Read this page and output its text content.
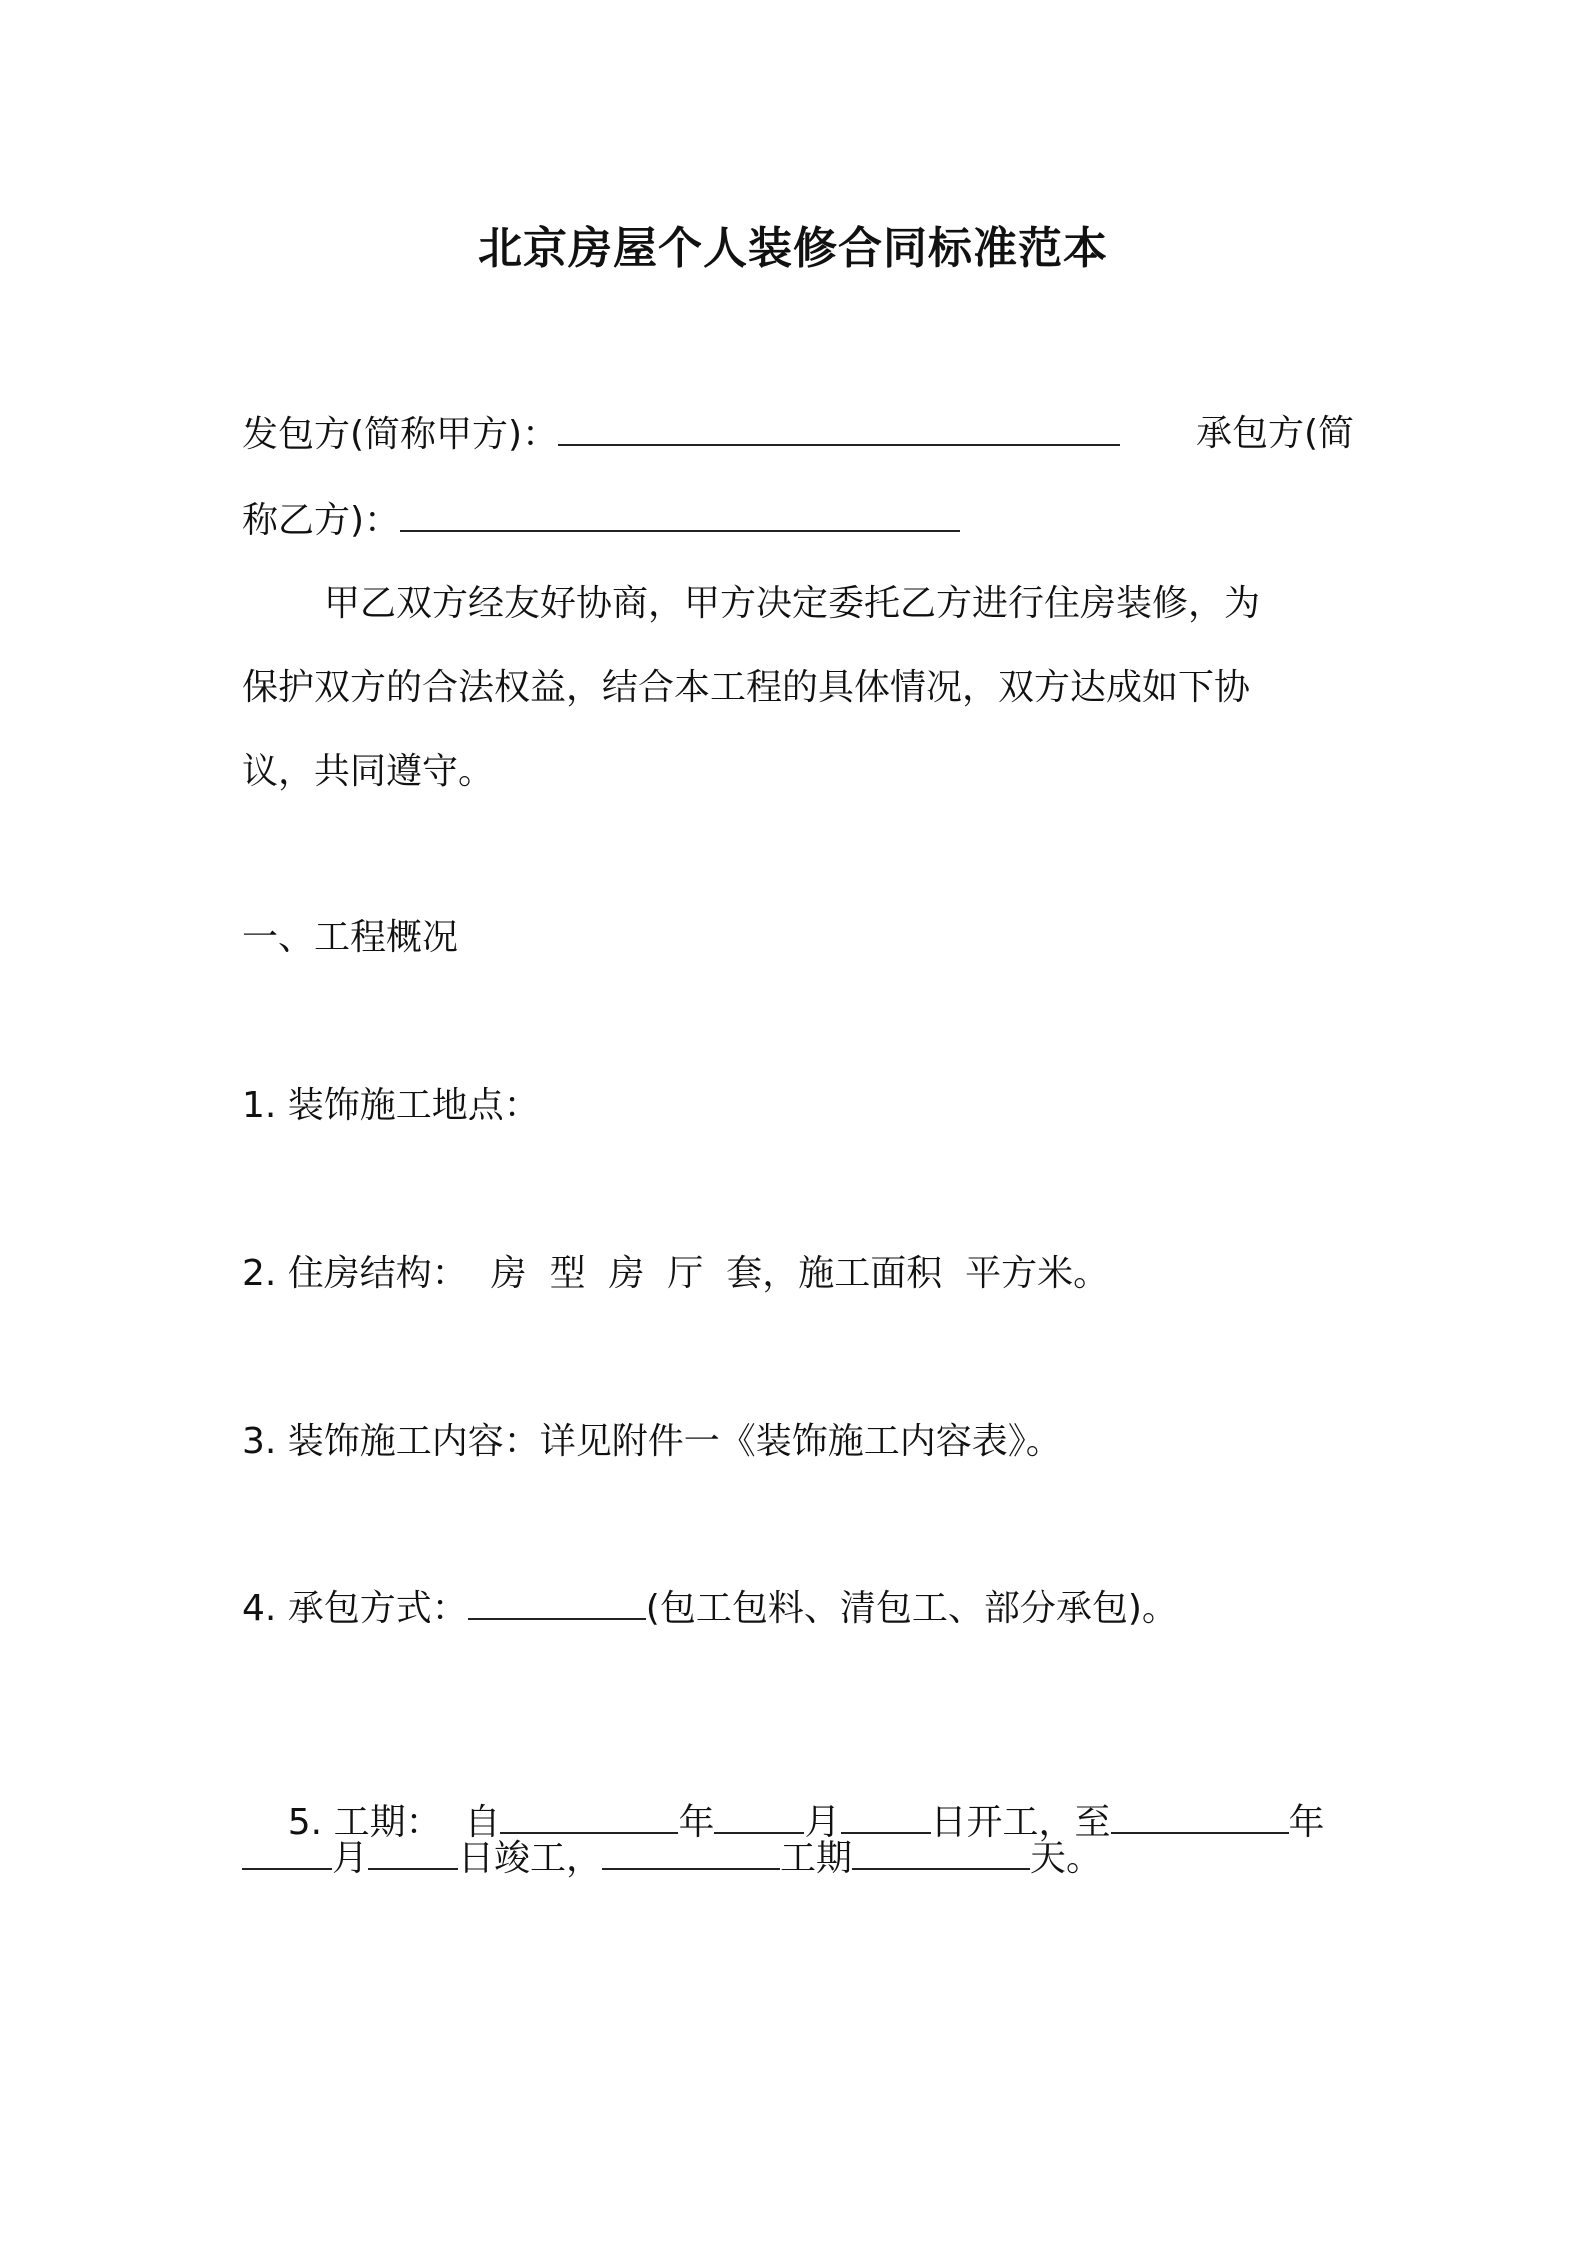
北京房屋个人装修合同标准范本
发包方(简称甲方)：	承包方(简
称乙方)：
甲乙双方经友好协商，甲方决定委托乙方进行住房装修，为
保护双方的合法权益，结合本工程的具体情况，双方达成如下协
议，共同遵守。
一、工程概况
1. 装饰施工地点：
2. 住房结构：  房  型  房  厅  套，施工面积  平方米。
3. 装饰施工内容：详见附件一《装饰施工内容表》。
4. 承包方式：	(包工包料、清包工、部分承包)。

5. 工期：  自	年	月	日开工，至	年

月	日竣工，	工期	天。
